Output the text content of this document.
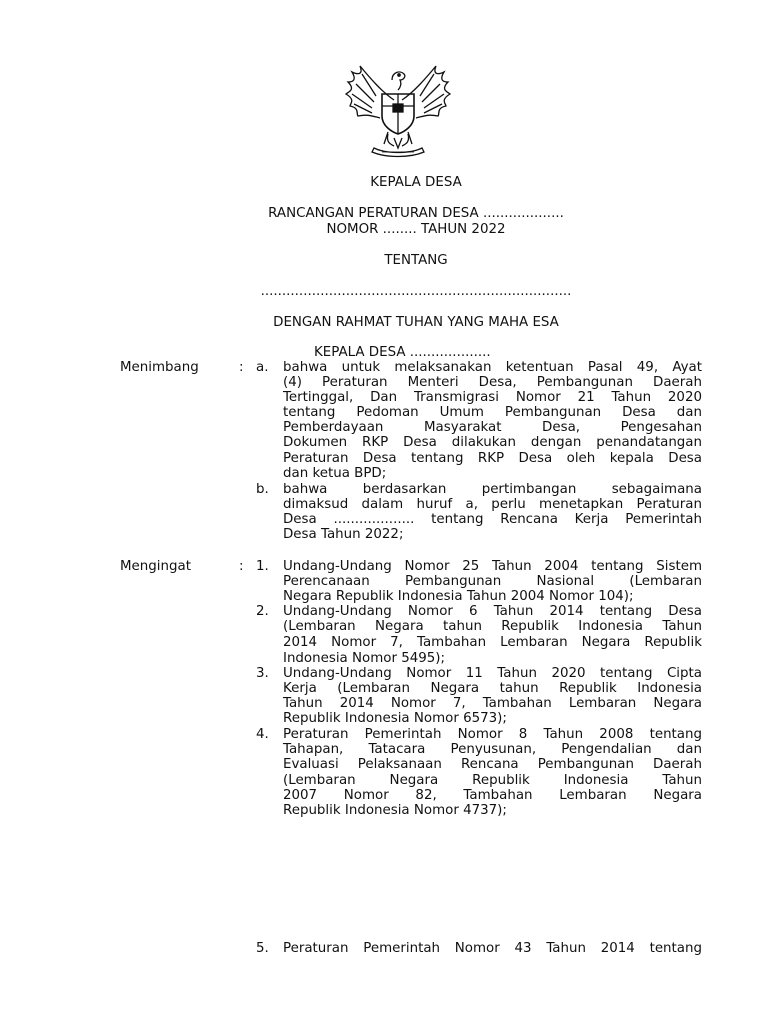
KEPALA DESA
RANCANGAN PERATURAN DESA ...................
NOMOR ........ TAHUN 2022
TENTANG
.........................................................................
DENGAN RAHMAT TUHAN YANG MAHA ESA
KEPALA DESA ...................
Menimbang	: a. bahwa untuk melaksanakan ketentuan Pasal 49, Ayat
(4) Peraturan Menteri Desa, Pembangunan Daerah
Tertinggal, Dan Transmigrasi Nomor 21 Tahun 2020
tentang Pedoman Umum Pembangunan Desa dan
Pemberdayaan Masyarakat Desa, Pengesahan
Dokumen RKP Desa dilakukan dengan penandatangan
Peraturan Desa tentang RKP Desa oleh kepala Desa
dan ketua BPD;
b. bahwa berdasarkan pertimbangan sebagaimana
dimaksud dalam huruf a, perlu menetapkan Peraturan
Desa ................... tentang Rencana Kerja Pemerintah
Desa Tahun 2022;
Mengingat	: 1. Undang-Undang Nomor 25 Tahun 2004 tentang Sistem
Perencanaan Pembangunan Nasional (Lembaran
Negara Republik Indonesia Tahun 2004 Nomor 104);
2. Undang-Undang Nomor 6 Tahun 2014 tentang Desa
(Lembaran Negara tahun Republik Indonesia Tahun
2014 Nomor 7, Tambahan Lembaran Negara Republik
Indonesia Nomor 5495);
3. Undang-Undang Nomor 11 Tahun 2020 tentang Cipta
Kerja (Lembaran Negara tahun Republik Indonesia
Tahun 2014 Nomor 7, Tambahan Lembaran Negara
Republik Indonesia Nomor 6573);
4. Peraturan Pemerintah Nomor 8 Tahun 2008 tentang
Tahapan, Tatacara Penyusunan, Pengendalian dan
Evaluasi Pelaksanaan Rencana Pembangunan Daerah
(Lembaran Negara Republik Indonesia Tahun
2007 Nomor 82, Tambahan Lembaran Negara
Republik Indonesia Nomor 4737);
5. Peraturan Pemerintah Nomor 43 Tahun 2014 tentang
